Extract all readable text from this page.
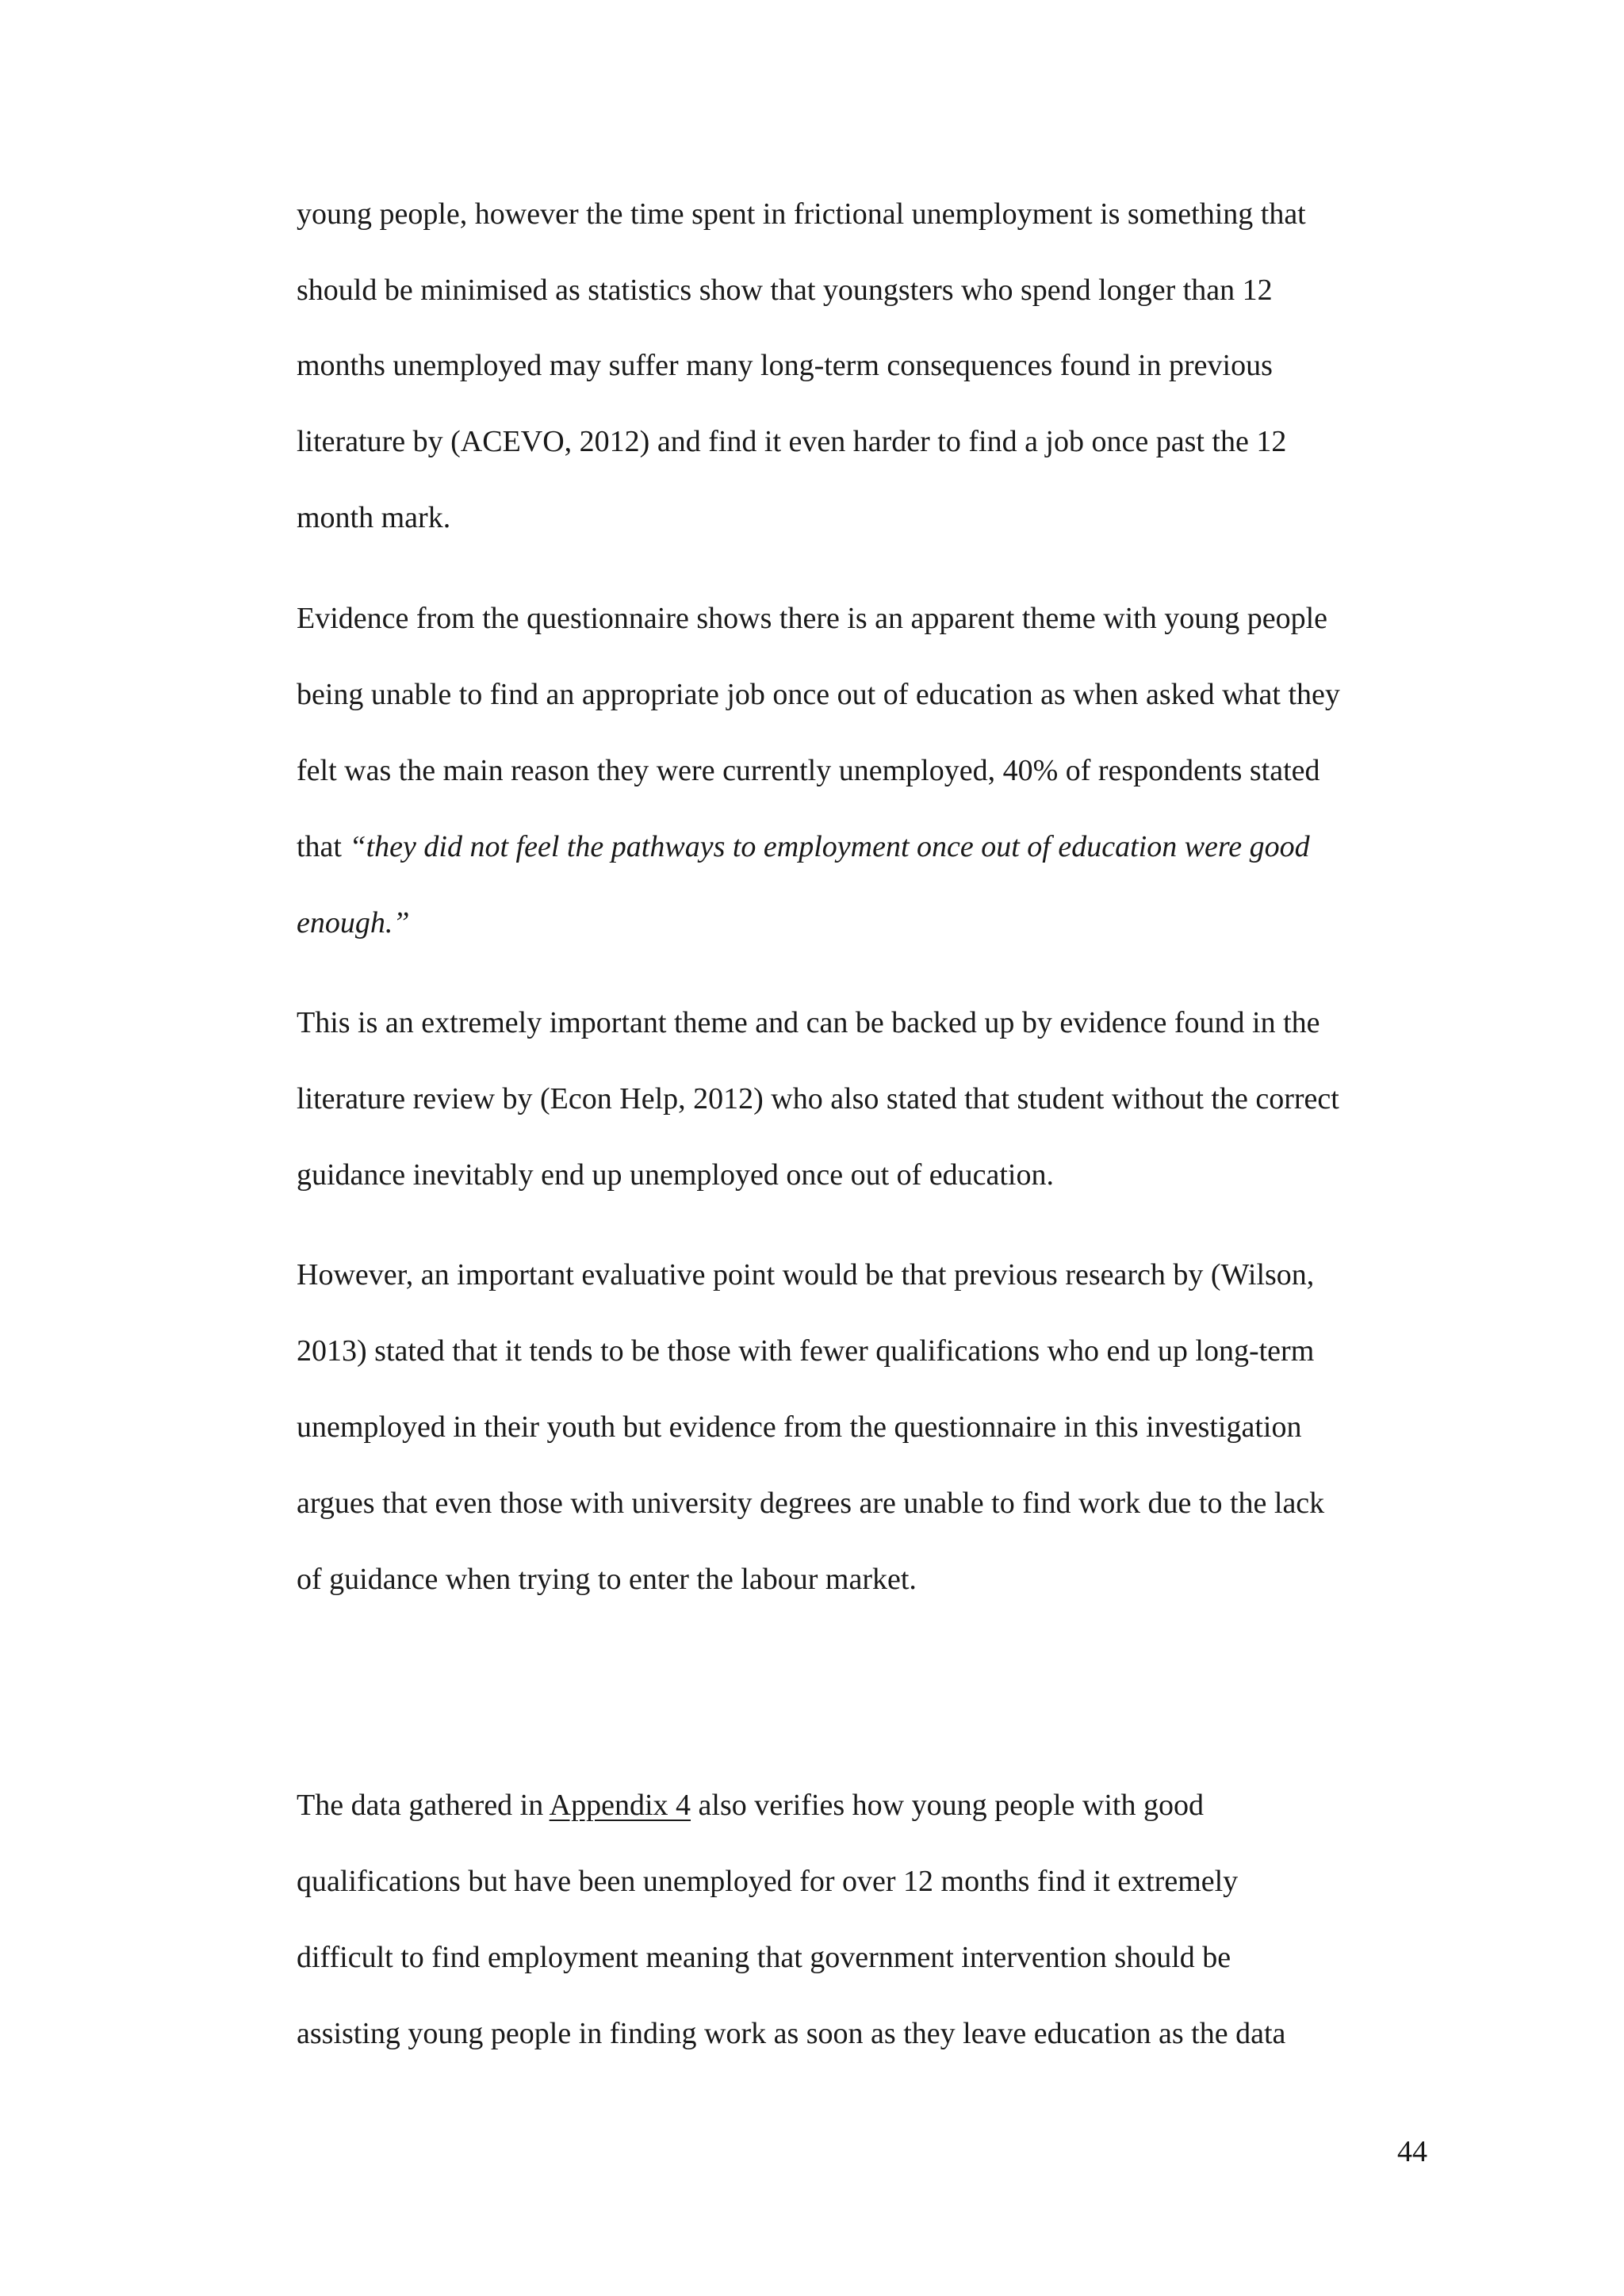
young people, however the time spent in frictional unemployment is something that

should be minimised as statistics show that youngsters who spend longer than 12

months unemployed may suffer many long-term consequences found in previous

literature by (ACEVO, 2012) and find it even harder to find a job once past the 12

month mark.

Evidence from the questionnaire shows there is an apparent theme with young people

being unable to find an appropriate job once out of education as when asked what they

felt was the main reason they were currently unemployed, 40% of respondents stated

that “they did not feel the pathways to employment once out of education were good

enough.”

This is an extremely important theme and can be backed up by evidence found in the

literature review by (Econ Help, 2012) who also stated that student without the correct

guidance inevitably end up unemployed once out of education.

However, an important evaluative point would be that previous research by (Wilson,

2013) stated that it tends to be those with fewer qualifications who end up long-term

unemployed in their youth but evidence from the questionnaire in this investigation

argues that even those with university degrees are unable to find work due to the lack

of guidance when trying to enter the labour market.

The data gathered in Appendix 4 also verifies how young people with good

qualifications but have been unemployed for over 12 months find it extremely

difficult to find employment meaning that government intervention should be

assisting young people in finding work as soon as they leave education as the data

44
